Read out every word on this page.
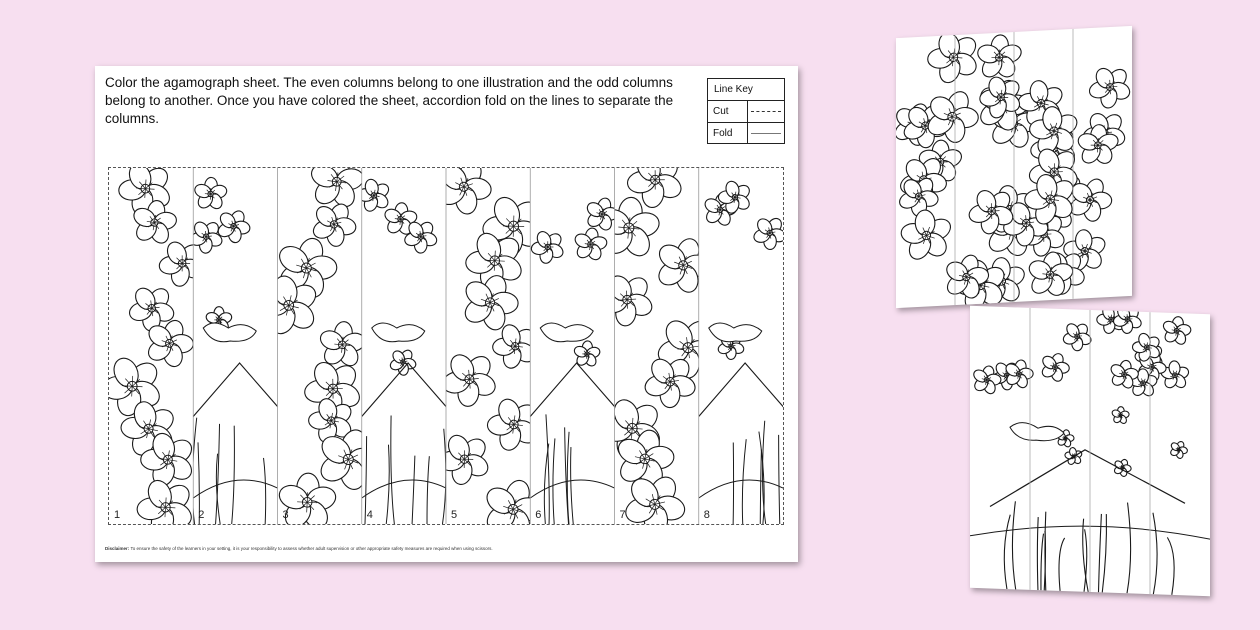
Color the agamograph sheet. The even columns belong to one illustration and the odd columns belong to another. Once you have colored the sheet, accordion fold on the lines to separate the columns.
Line Key
Cut
Fold
1	2	3	4	5	6	7	8
Disclaimer: To ensure the safety of the learners in your setting, it is your responsibility to assess whether adult supervision or other appropriate safety measures are required when using scissors.
